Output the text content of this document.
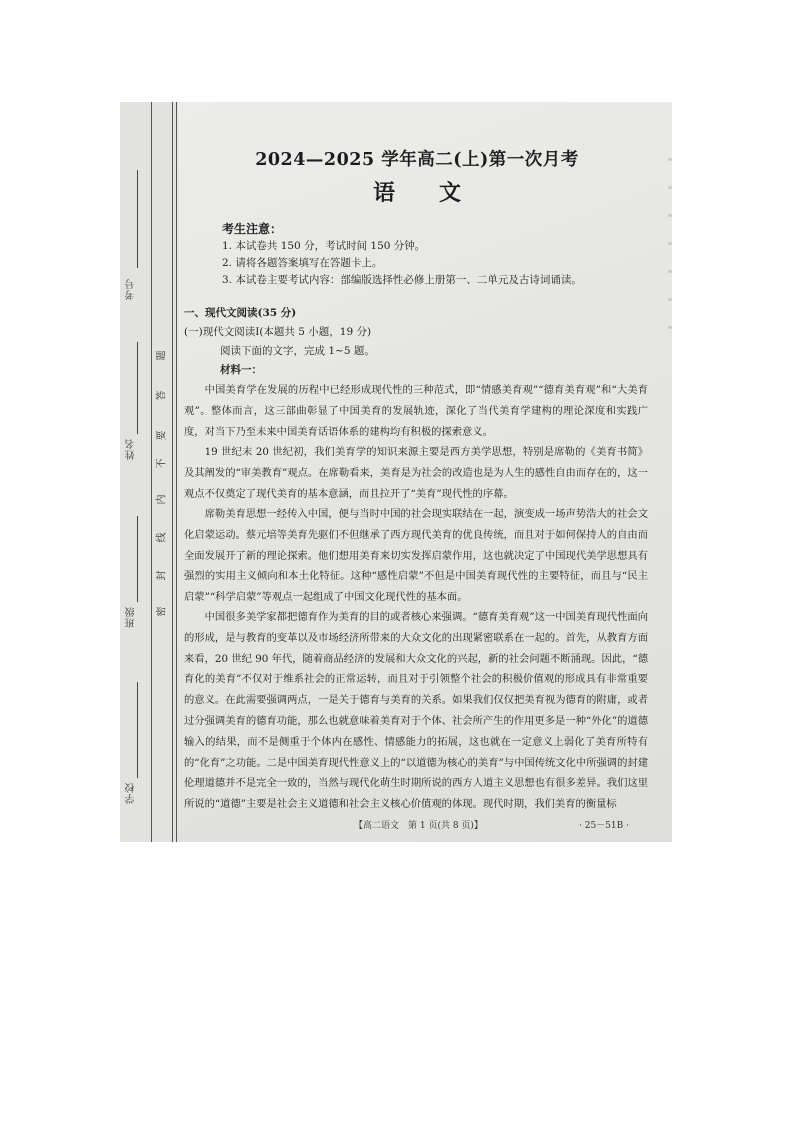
考号
姓名
班级
学校
题
答
要
不
内
线
封
密
2024—2025 学年高二(上)第一次月考
语文
考生注意：
1. 本试卷共 150 分，考试时间 150 分钟。
2. 请将各题答案填写在答题卡上。
3. 本试卷主要考试内容：部编版选择性必修上册第一、二单元及古诗词诵读。
一、现代文阅读(35 分)
(一)现代文阅读Ⅰ(本题共 5 小题，19 分)
阅读下面的文字，完成 1~5 题。
材料一：
中国美育学在发展的历程中已经形成现代性的三种范式，即“情感美育观”“德育美育观”和“大美育观”。整体而言，这三部曲彰显了中国美育的发展轨迹，深化了当代美育学建构的理论深度和实践广度，对当下乃至未来中国美育话语体系的建构均有积极的探索意义。
19 世纪末 20 世纪初，我们美育学的知识来源主要是西方美学思想，特别是席勒的《美育书简》及其阐发的“审美教育”观点。在席勒看来，美育是为社会的改造也是为人生的感性自由而存在的，这一观点不仅奠定了现代美育的基本意涵，而且拉开了“美育”现代性的序幕。
席勒美育思想一经传入中国，便与当时中国的社会现实联结在一起，演变成一场声势浩大的社会文化启蒙运动。蔡元培等美育先驱们不但继承了西方现代美育的优良传统，而且对于如何保持人的自由而全面发展开了新的理论探索。他们想用美育来切实发挥启蒙作用，这也就决定了中国现代美学思想具有强烈的实用主义倾向和本土化特征。这种“感性启蒙”不但是中国美育现代性的主要特征，而且与“民主启蒙”“科学启蒙”等观点一起组成了中国文化现代性的基本面。
中国很多美学家都把德育作为美育的目的或者核心来强调。“德育美育观”这一中国美育现代性面向的形成，是与教育的变革以及市场经济所带来的大众文化的出现紧密联系在一起的。首先，从教育方面来看，20 世纪 90 年代，随着商品经济的发展和大众文化的兴起，新的社会问题不断涌现。因此，“德育化的美育”不仅对于维系社会的正常运转，而且对于引领整个社会的积极价值观的形成具有非常重要的意义。在此需要强调两点，一是关于德育与美育的关系。如果我们仅仅把美育视为德育的附庸，或者过分强调美育的德育功能，那么也就意味着美育对于个体、社会所产生的作用更多是一种“外化”的道德输入的结果，而不是侧重于个体内在感性、情感能力的拓展，这也就在一定意义上弱化了美育所特有的“化育”之功能。二是中国美育现代性意义上的“以道德为核心的美育”与中国传统文化中所强调的封建伦理道德并不是完全一致的，当然与现代化萌生时期所说的西方人道主义思想也有很多差异。我们这里所说的“道德”主要是社会主义道德和社会主义核心价值观的体现。现代时期，我们美育的衡量标
【高二语文　第 1 页(共 8 页)】	· 25－51B ·
